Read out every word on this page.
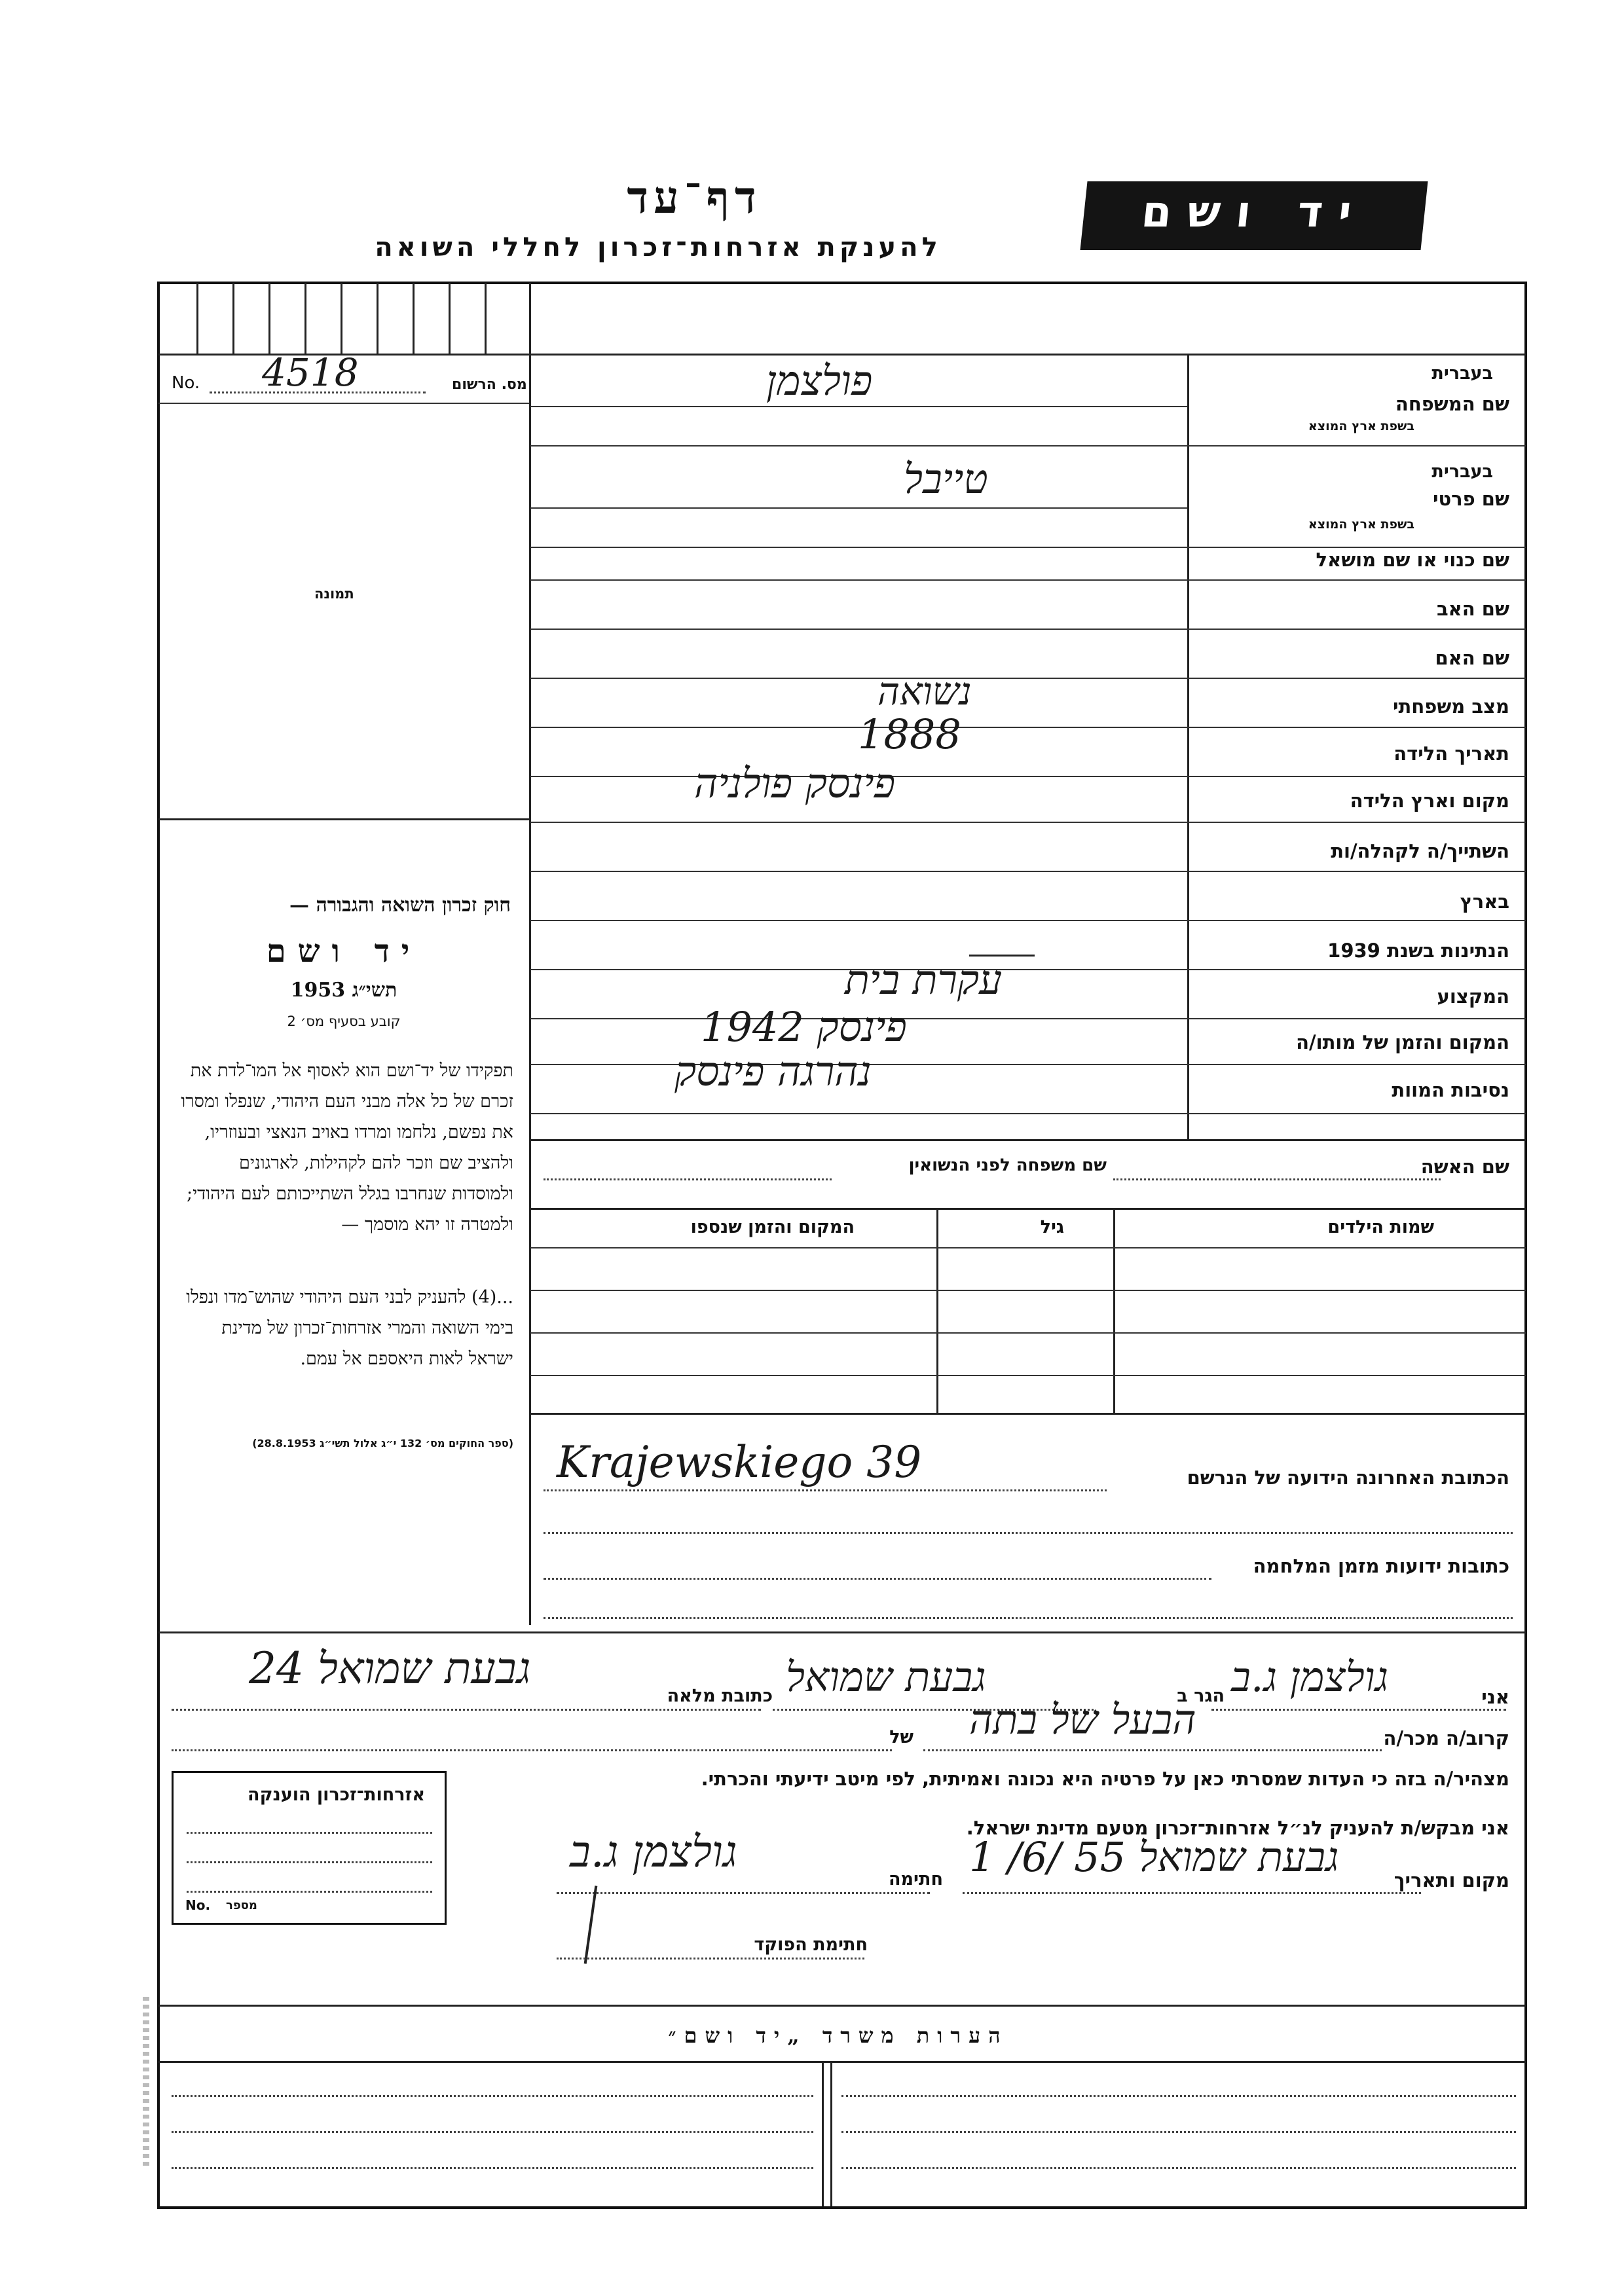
יד ושם
דף־עד
להענקת אזרחות־זכרון לחללי השואה
No. 4518	מס. הרשום
תמונה
בעברית
בשפת ארץ המוצא
שם המשפחה
פולצמן
בעברית
בשפת ארץ המוצא
שם פרטי
טייבל
שם כנוי או שם מושאל
שם האב
שם האם
מצב משפחתי
נשואה
תאריך הלידה
1888
מקום וארץ הלידה
פינסק פולניה
השתייך/ה לקהלה/ות
בארץ
הנתינות בשנת 1939
המקצוע
עקרת בית
המקום והזמן של מותו/ה
פינסק 1942
נסיבות המוות
נהרגה פינסק
שם האשה
שם משפחה לפני הנשואין
שמות הילדים
גיל
המקום והזמן שנספו
הכתובת האחרונה הידועה של הנרשם
Krajewskiego 39
כתובות ידועות מזמן המלחמה
חוק זכרון השואה והגבורה —
יד ושם
תשי״ג 1953
קובע בסעיף מס׳ 2
תפקידו של יד־ושם הוא לאסוף אל המו־לדת את זכרם של כל אלה מבני העם היהודי, שנפלו ומסרו את נפשם, נלחמו ומרדו באויב הנאצי ובעוזריו, ולהציב שם וזכר להם לקהילות, לארגונים ולמוסדות שנחרבו בגלל השתייכותם לעם היהודי; ולמטרה זו יהא מוסמך —
...(4) להעניק לבני העם היהודי שהוש־מדו ונפלו בימי השואה והמרי אזרחות־זכרון של מדינת ישראל לאות היאספם אל עמם.
(ספר החוקים מס׳ 132 י״ג אלול תשי״ג 28.8.1953)
אני
גולצמן ג.ב
הגר ב
גבעת שמואל
כתובת מלאה
גבעת שמואל 24
קרוב/ה מכר/ה
הבעל של בתה
של
מצהיר/ה בזה כי העדות שמסרתי כאן על פרטיה היא נכונה ואמיתית, לפי מיטב ידיעתי והכרתי.
אני מבקש/ת להעניק לנ״ל אזרחות־זכרון מטעם מדינת ישראל.
מקום ותאריך
גבעת שמואל 55 /6/ 1
חתימה
גולצמן ג.ב
חתימת הפוקד
אזרחות־זכרון הוענקה
No. מספר
הערות משרד „יד ושם״
